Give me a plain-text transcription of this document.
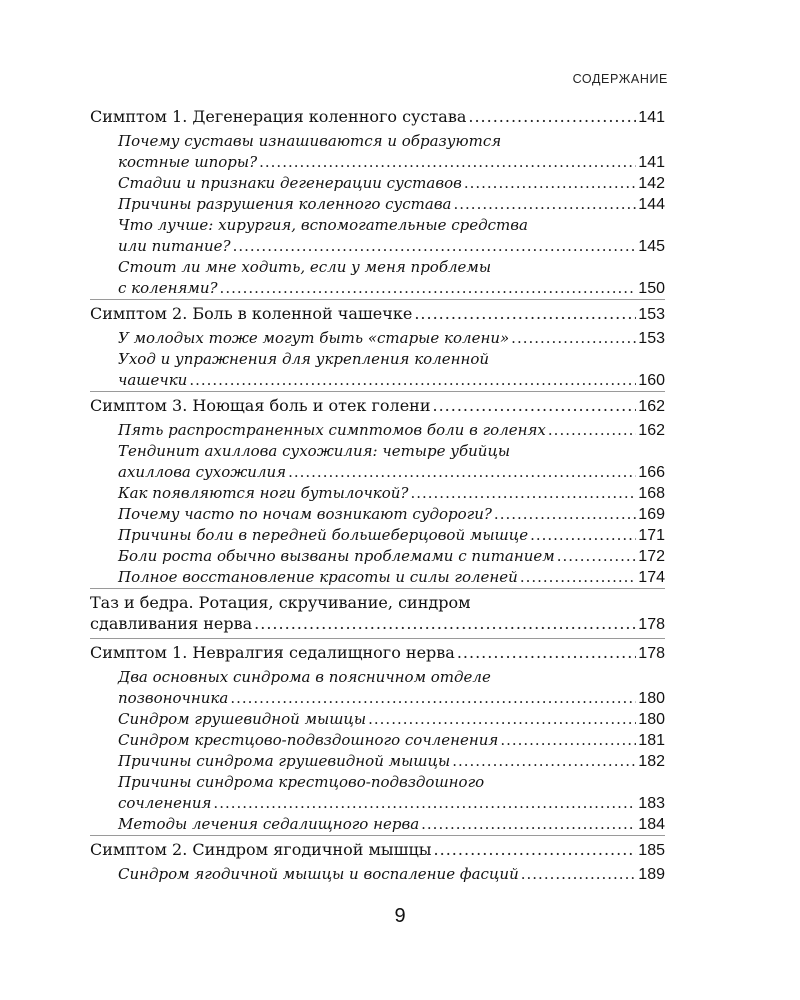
СОДЕРЖАНИЕ
Симптом 1. Дегенерация коленного сустава .....	141
Почему суставы изнашиваются и образуются
костные шпоры? .....	141
Стадии и признаки дегенерации суставов .....	142
Причины разрушения коленного сустава .....	144
Что лучше: хирургия, вспомогательные средства
или питание? .....	145
Стоит ли мне ходить, если у меня проблемы
с коленями? .....	150
Симптом 2. Боль в коленной чашечке .....	153
У молодых тоже могут быть «старые колени» .....	153
Уход и упражнения для укрепления коленной
чашечки .....	160
Симптом 3. Ноющая боль и отек голени .....	162
Пять распространенных симптомов боли в голенях .....	162
Тендинит ахиллова сухожилия: четыре убийцы
ахиллова сухожилия .....	166
Как появляются ноги бутылочкой? .....	168
Почему часто по ночам возникают судороги? .....	169
Причины боли в передней большеберцовой мышце .....	171
Боли роста обычно вызваны проблемами с питанием .....	172
Полное восстановление красоты и силы голеней .....	174
Таз и бедра. Ротация, скручивание, синдром
сдавливания нерва .....	178
Симптом 1. Невралгия седалищного нерва .....	178
Два основных синдрома в поясничном отделе
позвоночника .....	180
Синдром грушевидной мышцы .....	180
Синдром крестцово-подвздошного сочленения .....	181
Причины синдрома грушевидной мышцы .....	182
Причины синдрома крестцово-подвздошного
сочленения .....	183
Методы лечения седалищного нерва .....	184
Симптом 2. Синдром ягодичной мышцы .....	185
Синдром ягодичной мышцы и воспаление фасций .....	189
9
